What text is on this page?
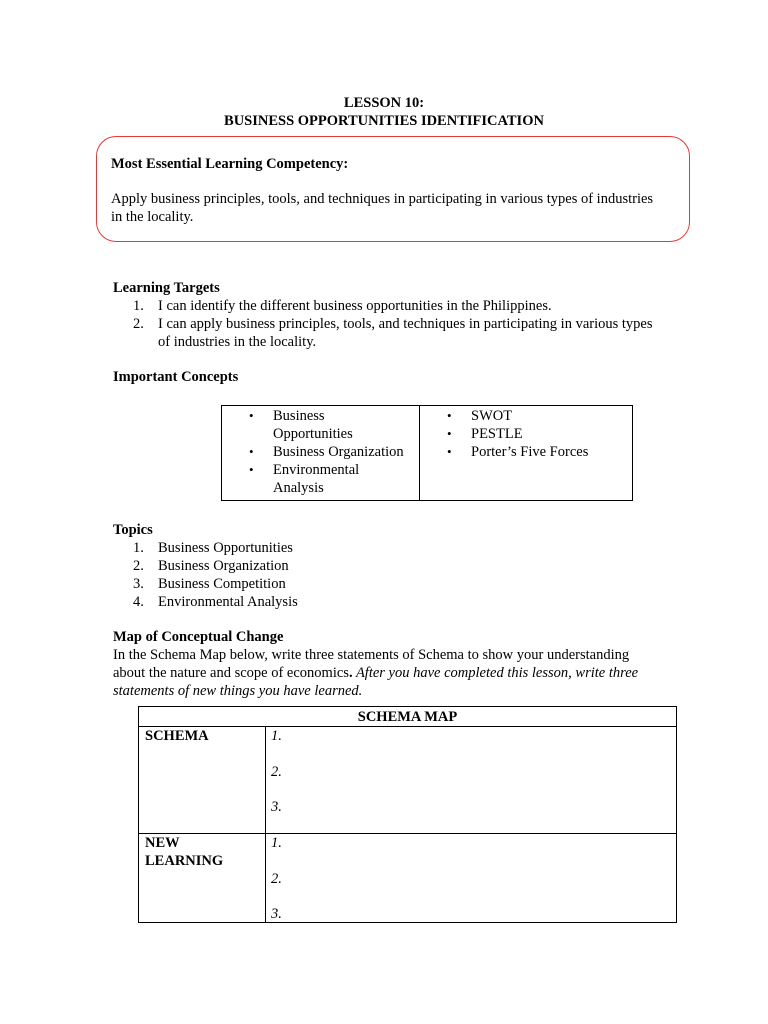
LESSON 10:
BUSINESS OPPORTUNITIES IDENTIFICATION
Most Essential Learning Competency:
Apply business principles, tools, and techniques in participating in various types of industries
in the locality.
Learning Targets
1. I can identify the different business opportunities in the Philippines.
2. I can apply business principles, tools, and techniques in participating in various types
of industries in the locality.
Important Concepts
• Business
Opportunities
• Business Organization
• Environmental
Analysis
• SWOT
• PESTLE
• Porter’s Five Forces
Topics
1. Business Opportunities
2. Business Organization
3. Business Competition
4. Environmental Analysis
Map of Conceptual Change
In the Schema Map below, write three statements of Schema to show your understanding
about the nature and scope of economics. After you have completed this lesson, write three
statements of new things you have learned.
SCHEMA MAP
SCHEMA	1.
2.
3.
NEW
LEARNING
1.
2.
3.
